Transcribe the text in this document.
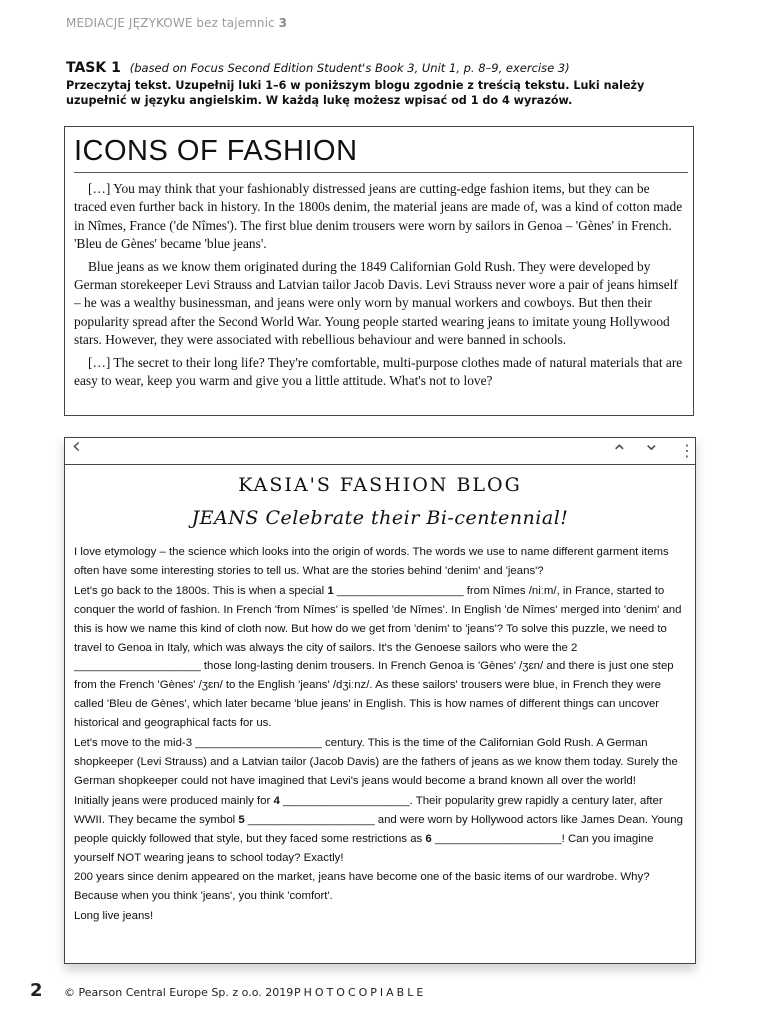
MEDIACJE JĘZYKOWE bez tajemnic 3
TASK 1 (based on Focus Second Edition Student's Book 3, Unit 1, p. 8–9, exercise 3)
Przeczytaj tekst. Uzupełnij luki 1–6 w poniższym blogu zgodnie z treścią tekstu. Luki należy uzupełnić w języku angielskim. W każdą lukę możesz wpisać od 1 do 4 wyrazów.
ICONS OF FASHION

[…] You may think that your fashionably distressed jeans are cutting-edge fashion items, but they can be traced even further back in history. In the 1800s denim, the material jeans are made of, was a kind of cotton made in Nîmes, France ('de Nîmes'). The first blue denim trousers were worn by sailors in Genoa – 'Gènes' in French. 'Bleu de Gènes' became 'blue jeans'.

Blue jeans as we know them originated during the 1849 Californian Gold Rush. They were developed by German storekeeper Levi Strauss and Latvian tailor Jacob Davis. Levi Strauss never wore a pair of jeans himself – he was a wealthy businessman, and jeans were only worn by manual workers and cowboys. But then their popularity spread after the Second World War. Young people started wearing jeans to imitate young Hollywood stars. However, they were associated with rebellious behaviour and were banned in schools.

[…] The secret to their long life? They're comfortable, multi-purpose clothes made of natural materials that are easy to wear, keep you warm and give you a little attitude. What's not to love?

‹	⌃ ⌄ ⋮
KASIA'S FASHION BLOG
JEANS Celebrate their Bi-centennial!

I love etymology – the science which looks into the origin of words. The words we use to name different garment items often have some interesting stories to tell us. What are the stories behind 'denim' and 'jeans'?

Let's go back to the 1800s. This is when a special 1 ____________________ from Nîmes /niːm/, in France, started to conquer the world of fashion. In French 'from Nîmes' is spelled 'de Nîmes'. In English 'de Nîmes' merged into 'denim' and this is how we name this kind of cloth now. But how do we get from 'denim' to 'jeans'? To solve this puzzle, we need to travel to Genoa in Italy, which was always the city of sailors. It's the Genoese sailors who were the 2 ____________________ those long-lasting denim trousers. In French Genoa is 'Gènes' /ʒɛn/ and there is just one step from the French 'Gènes' /ʒɛn/ to the English 'jeans' /dʒiːnz/. As these sailors' trousers were blue, in French they were called 'Bleu de Gènes', which later became 'blue jeans' in English. This is how names of different things can uncover historical and geographical facts for us.

Let's move to the mid-3 ____________________ century. This is the time of the Californian Gold Rush. A German shopkeeper (Levi Strauss) and a Latvian tailor (Jacob Davis) are the fathers of jeans as we know them today. Surely the German shopkeeper could not have imagined that Levi's jeans would become a brand known all over the world!

Initially jeans were produced mainly for 4 ____________________. Their popularity grew rapidly a century later, after WWII. They became the symbol 5 ____________________ and were worn by Hollywood actors like James Dean. Young people quickly followed that style, but they faced some restrictions as 6 ____________________! Can you imagine yourself NOT wearing jeans to school today? Exactly!

200 years since denim appeared on the market, jeans have become one of the basic items of our wardrobe. Why? Because when you think 'jeans', you think 'comfort'.

Long live jeans!

2 © Pearson Central Europe Sp. z o.o. 2019 PHOTOCOPIABLE
